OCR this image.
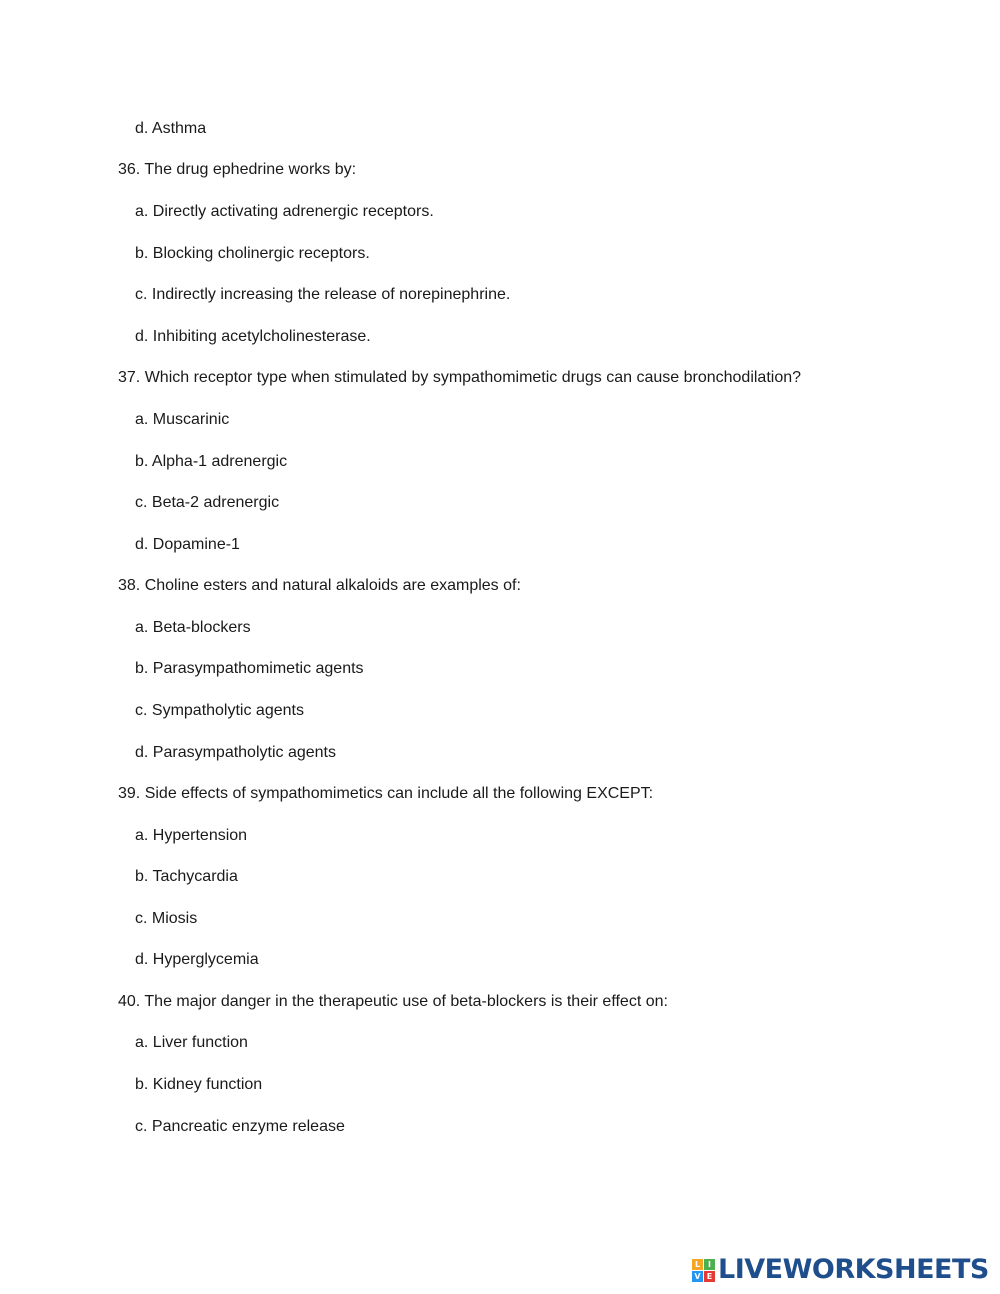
d. Asthma
36. The drug ephedrine works by:
a. Directly activating adrenergic receptors.
b. Blocking cholinergic receptors.
c. Indirectly increasing the release of norepinephrine.
d. Inhibiting acetylcholinesterase.
37. Which receptor type when stimulated by sympathomimetic drugs can cause bronchodilation?
a. Muscarinic
b. Alpha-1 adrenergic
c. Beta-2 adrenergic
d. Dopamine-1
38. Choline esters and natural alkaloids are examples of:
a. Beta-blockers
b. Parasympathomimetic agents
c. Sympatholytic agents
d. Parasympatholytic agents
39. Side effects of sympathomimetics can include all the following EXCEPT:
a. Hypertension
b. Tachycardia
c. Miosis
d. Hyperglycemia
40. The major danger in the therapeutic use of beta-blockers is their effect on:
a. Liver function
b. Kidney function
c. Pancreatic enzyme release
L I
V E LIVEWORKSHEETS
